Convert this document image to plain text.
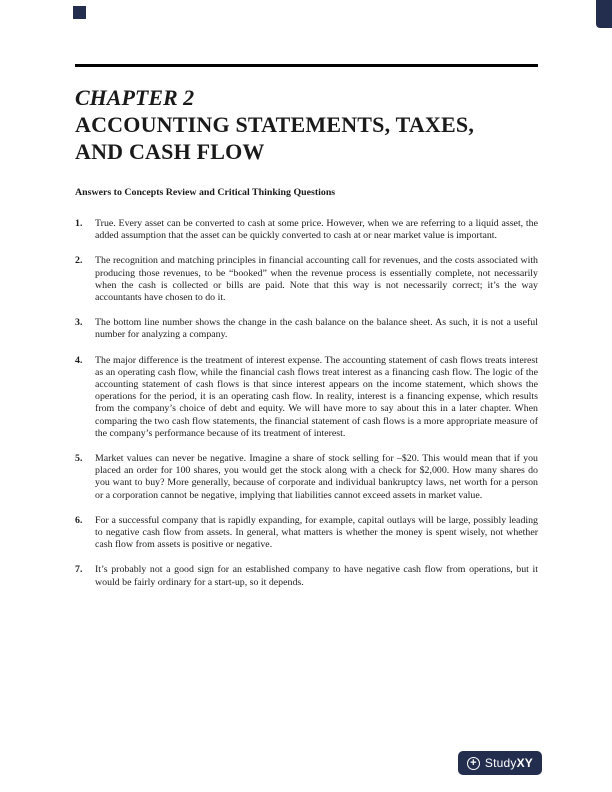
CHAPTER 2
ACCOUNTING STATEMENTS, TAXES,
AND CASH FLOW

Answers to Concepts Review and Critical Thinking Questions

1.	True. Every asset can be converted to cash at some price. However, when we are referring to a liquid asset, the added assumption that the asset can be quickly converted to cash at or near market value is important.
2.	The recognition and matching principles in financial accounting call for revenues, and the costs associated with producing those revenues, to be “booked” when the revenue process is essentially complete, not necessarily when the cash is collected or bills are paid. Note that this way is not necessarily correct; it’s the way accountants have chosen to do it.
3.	The bottom line number shows the change in the cash balance on the balance sheet. As such, it is not a useful number for analyzing a company.
4.	The major difference is the treatment of interest expense. The accounting statement of cash flows treats interest as an operating cash flow, while the financial cash flows treat interest as a financing cash flow. The logic of the accounting statement of cash flows is that since interest appears on the income statement, which shows the operations for the period, it is an operating cash flow. In reality, interest is a financing expense, which results from the company’s choice of debt and equity. We will have more to say about this in a later chapter. When comparing the two cash flow statements, the financial statement of cash flows is a more appropriate measure of the company’s performance because of its treatment of interest.
5.	Market values can never be negative. Imagine a share of stock selling for –$20. This would mean that if you placed an order for 100 shares, you would get the stock along with a check for $2,000. How many shares do you want to buy? More generally, because of corporate and individual bankruptcy laws, net worth for a person or a corporation cannot be negative, implying that liabilities cannot exceed assets in market value.
6.	For a successful company that is rapidly expanding, for example, capital outlays will be large, possibly leading to negative cash flow from assets. In general, what matters is whether the money is spent wisely, not whether cash flow from assets is positive or negative.
7.	It’s probably not a good sign for an established company to have negative cash flow from operations, but it would be fairly ordinary for a start-up, so it depends.
+ StudyXY
